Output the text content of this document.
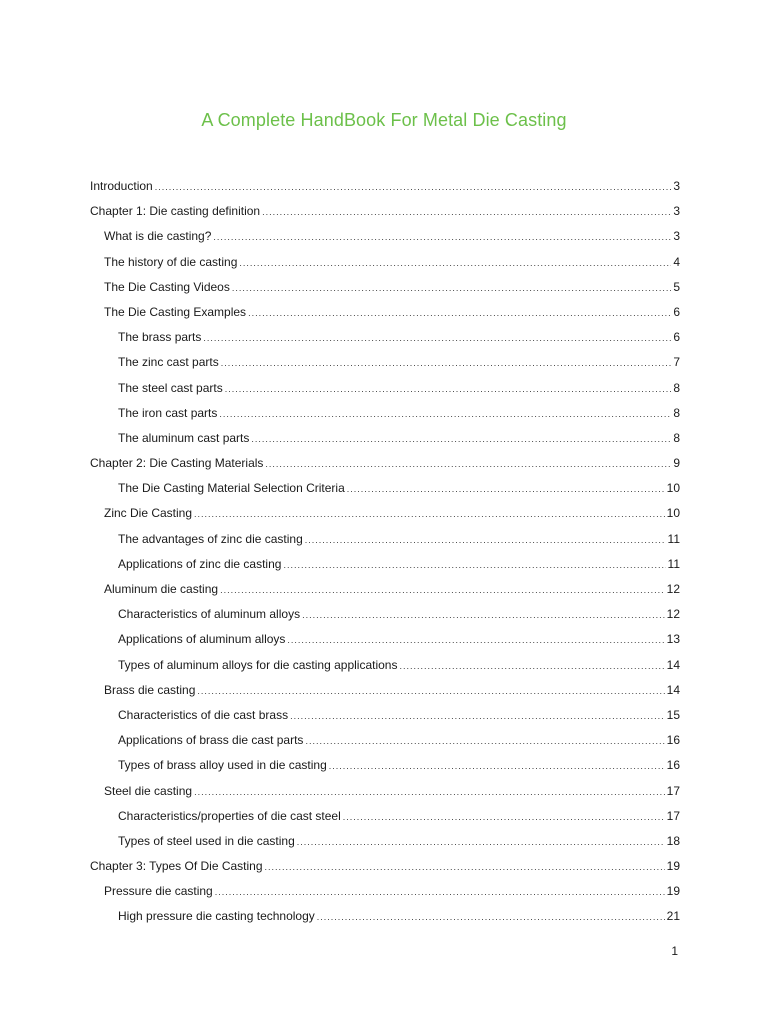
A Complete HandBook For Metal Die Casting
Introduction .....	3
Chapter 1: Die casting definition .....	3
What is die casting? .....	3
The history of die casting .....	4
The Die Casting Videos .....	5
The Die Casting Examples .....	6
The brass parts .....	6
The zinc cast parts .....	7
The steel cast parts .....	8
The iron cast parts .....	8
The aluminum cast parts .....	8
Chapter 2: Die Casting Materials .....	9
The Die Casting Material Selection Criteria .....	10
Zinc Die Casting .....	10
The advantages of zinc die casting .....	11
Applications of zinc die casting .....	11
Aluminum die casting .....	12
Characteristics of aluminum alloys .....	12
Applications of aluminum alloys .....	13
Types of aluminum alloys for die casting applications .....	14
Brass die casting .....	14
Characteristics of die cast brass .....	15
Applications of brass die cast parts .....	16
Types of brass alloy used in die casting .....	16
Steel die casting .....	17
Characteristics/properties of die cast steel .....	17
Types of steel used in die casting .....	18
Chapter 3: Types Of Die Casting .....	19
Pressure die casting .....	19
High pressure die casting technology .....	21
1
